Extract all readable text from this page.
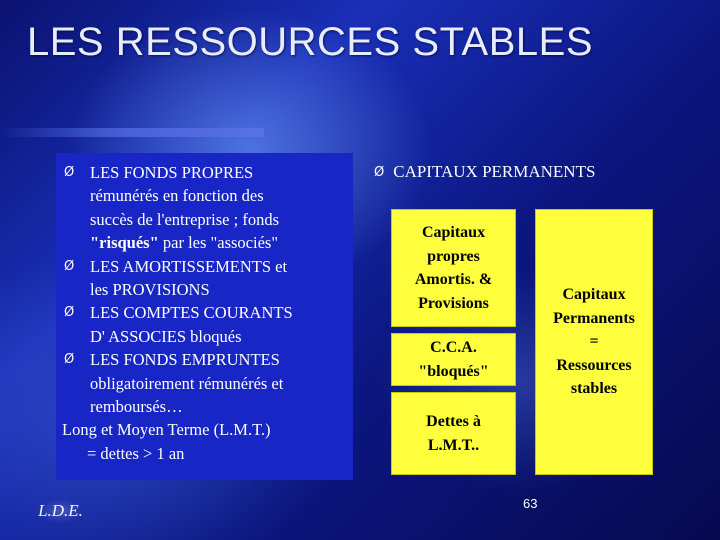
LES RESSOURCES STABLES
Ø LES FONDS PROPRES
rémunérés en fonction des
succès de l'entreprise ; fonds
"risqués" par les "associés"
Ø LES AMORTISSEMENTS et
les PROVISIONS
Ø LES COMPTES COURANTS
D' ASSOCIES bloqués
Ø LES FONDS EMPRUNTES
obligatoirement rémunérés et
remboursés…
Long et Moyen Terme (L.M.T.)
= dettes > 1 an
Ø CAPITAUX PERMANENTS
Capitaux
propres
Amortis. &
Provisions
C.C.A.
"bloqués"
Dettes à
L.M.T..
Capitaux
Permanents
=
Ressources
stables
L.D.E.	63
